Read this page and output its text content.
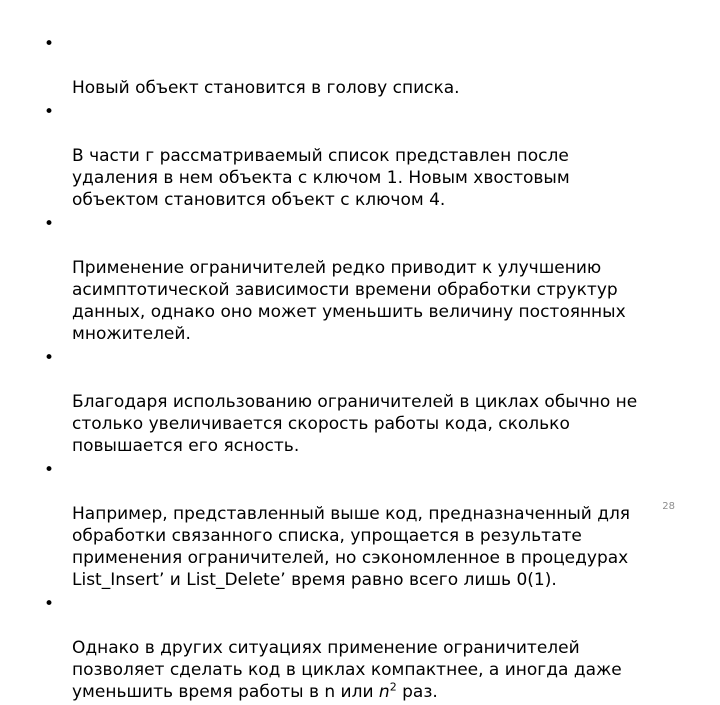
•

Новый объект становится в голову списка.

•

В части г рассматриваемый список представлен после
удаления в нем объекта с ключом 1. Новым хвостовым
объектом становится объект с ключом 4.

•

Применение ограничителей редко приводит к улучшению
асимптотической зависимости времени обработки структур
данных, однако оно может уменьшить величину постоянных
множителей.

•

Благодаря использованию ограничителей в циклах обычно не
столько увеличивается скорость работы кода, сколько
повышается его ясность.

•

Например, представленный выше код, предназначенный для
обработки связанного списка, упрощается в результате
применения ограничителей, но сэкономленное в процедурах
List_Insert’ и List_Delete’ время равно всего лишь 0(1).

•

Однако в других ситуациях применение ограничителей
позволяет сделать код в циклах компактнее, а иногда даже
уменьшить время работы в n или $n^2$ раз.

28
